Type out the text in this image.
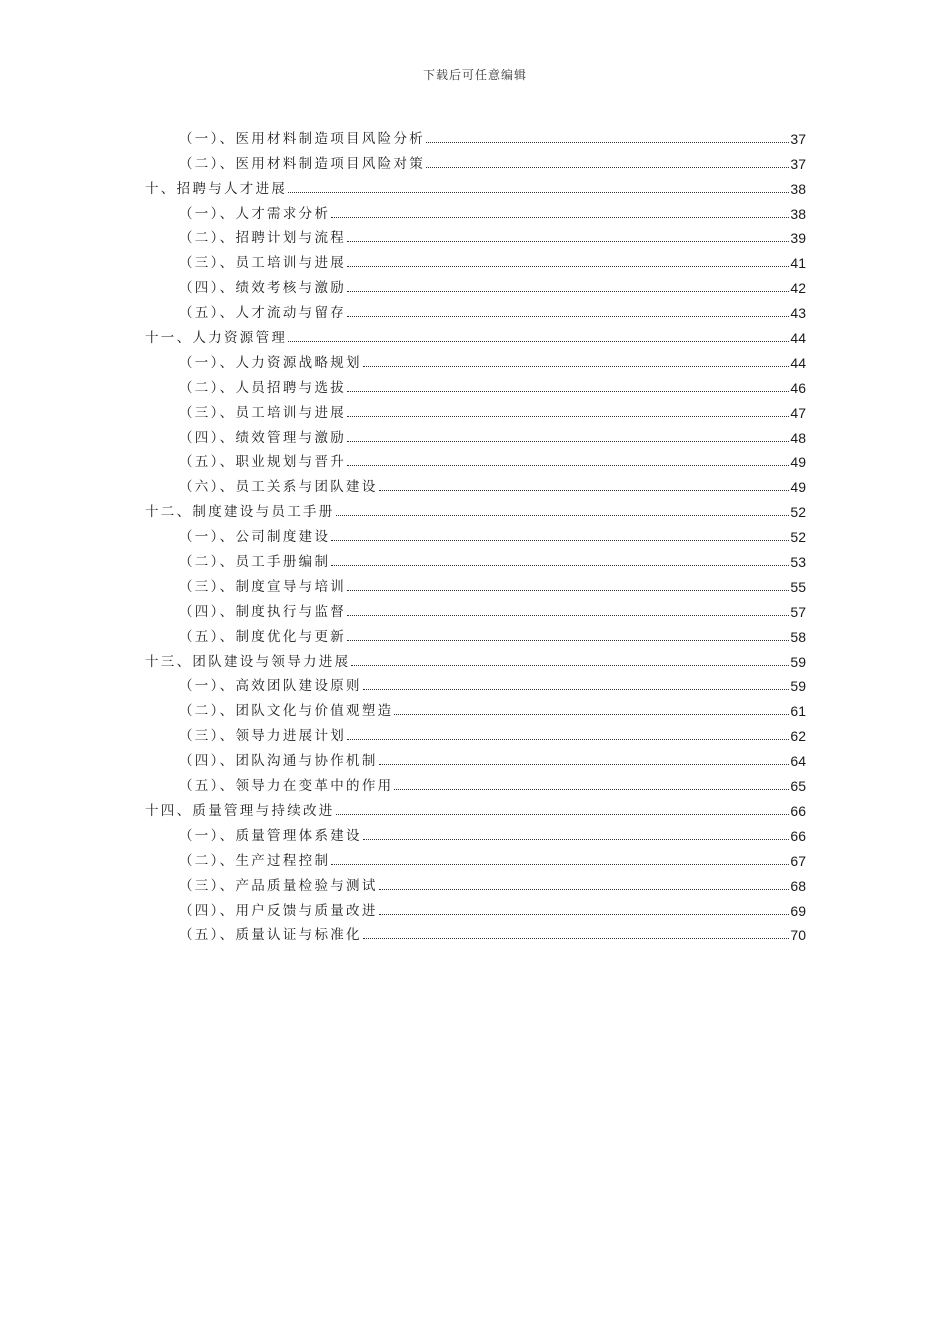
下载后可任意编辑
（一）、医用材料制造项目风险分析	37
（二）、医用材料制造项目风险对策	37
十、招聘与人才进展	38
（一）、人才需求分析	38
（二）、招聘计划与流程	39
（三）、员工培训与进展	41
（四）、绩效考核与激励	42
（五）、人才流动与留存	43
十一、人力资源管理	44
（一）、人力资源战略规划	44
（二）、人员招聘与选拔	46
（三）、员工培训与进展	47
（四）、绩效管理与激励	48
（五）、职业规划与晋升	49
（六）、员工关系与团队建设	49
十二、制度建设与员工手册	52
（一）、公司制度建设	52
（二）、员工手册编制	53
（三）、制度宣导与培训	55
（四）、制度执行与监督	57
（五）、制度优化与更新	58
十三、团队建设与领导力进展	59
（一）、高效团队建设原则	59
（二）、团队文化与价值观塑造	61
（三）、领导力进展计划	62
（四）、团队沟通与协作机制	64
（五）、领导力在变革中的作用	65
十四、质量管理与持续改进	66
（一）、质量管理体系建设	66
（二）、生产过程控制	67
（三）、产品质量检验与测试	68
（四）、用户反馈与质量改进	69
（五）、质量认证与标准化	70
